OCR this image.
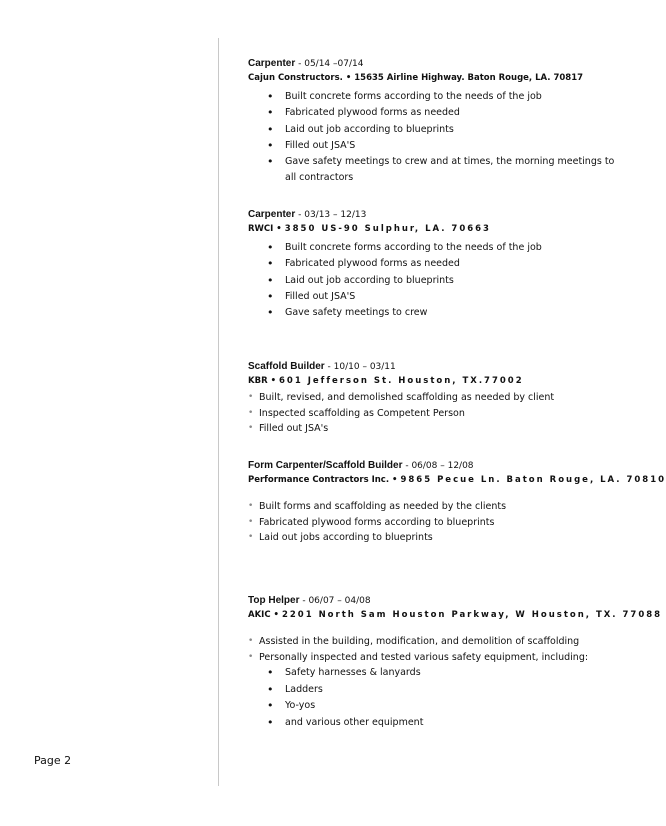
Carpenter - 05/14 –07/14
Cajun Constructors. • 15635 Airline Highway. Baton Rouge, LA. 70817
• Built concrete forms according to the needs of the job
• Fabricated plywood forms as needed
• Laid out job according to blueprints
• Filled out JSA'S
• Gave safety meetings to crew and at times, the morning meetings to all contractors
Carpenter - 03/13 – 12/13
RWCI • 3850 US-90 Sulphur, LA. 70663
• Built concrete forms according to the needs of the job
• Fabricated plywood forms as needed
• Laid out job according to blueprints
• Filled out JSA'S
• Gave safety meetings to crew
Scaffold Builder - 10/10 – 03/11
KBR • 601 Jefferson St. Houston, TX.77002
• Built, revised, and demolished scaffolding as needed by client
• Inspected scaffolding as Competent Person
• Filled out JSA's
Form Carpenter/Scaffold Builder - 06/08 – 12/08
Performance Contractors Inc. • 9865 Pecue Ln. Baton Rouge, LA. 70810
• Built forms and scaffolding as needed by the clients
• Fabricated plywood forms according to blueprints
• Laid out jobs according to blueprints
Top Helper - 06/07 – 04/08
AKIC • 2201 North Sam Houston Parkway, W Houston, TX. 77088
• Assisted in the building, modification, and demolition of scaffolding
• Personally inspected and tested various safety equipment, including:
• Safety harnesses & lanyards
• Ladders
• Yo-yos
• and various other equipment
Page 2
